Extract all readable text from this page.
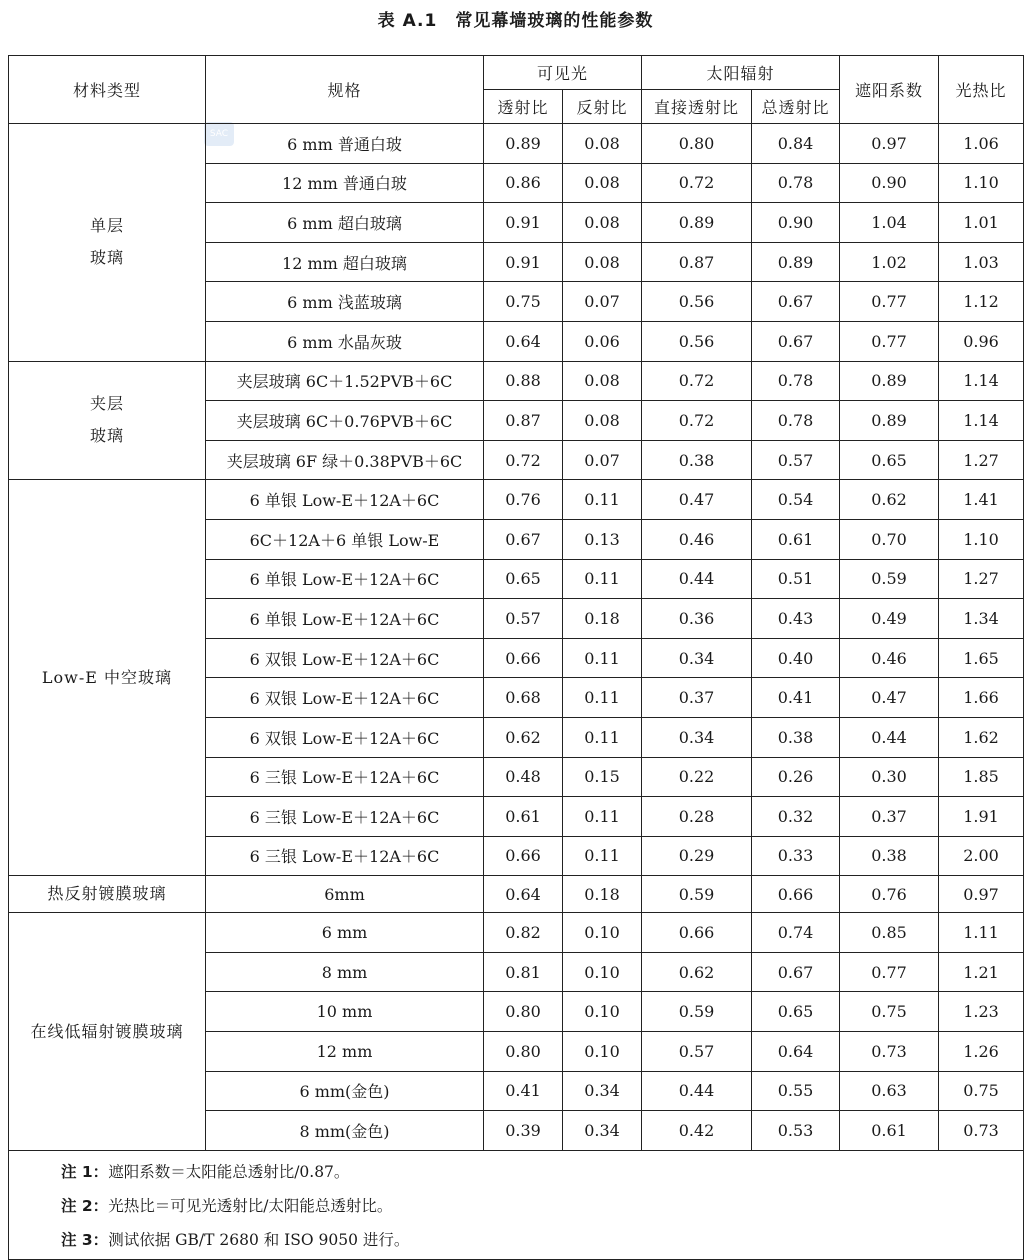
表 A.1　常见幕墙玻璃的性能参数
SAC
材料类型	规格	可见光		太阳辐射		遮阳系数	光热比
		透射比	反射比	直接透射比	总透射比		

单层
玻璃	6 mm 普通白玻	0.89	0.08	0.80	0.84	0.97	1.06
	12 mm 普通白玻	0.86	0.08	0.72	0.78	0.90	1.10
	6 mm 超白玻璃	0.91	0.08	0.89	0.90	1.04	1.01
	12 mm 超白玻璃	0.91	0.08	0.87	0.89	1.02	1.03
	6 mm 浅蓝玻璃	0.75	0.07	0.56	0.67	0.77	1.12
	6 mm 水晶灰玻	0.64	0.06	0.56	0.67	0.77	0.96

夹层
玻璃	夹层玻璃 6C＋1.52PVB＋6C	0.88	0.08	0.72	0.78	0.89	1.14
	夹层玻璃 6C＋0.76PVB＋6C	0.87	0.08	0.72	0.78	0.89	1.14
	夹层玻璃 6F 绿＋0.38PVB＋6C	0.72	0.07	0.38	0.57	0.65	1.27

Low-E 中空玻璃	6 单银 Low-E＋12A＋6C	0.76	0.11	0.47	0.54	0.62	1.41
	6C＋12A＋6 单银 Low-E	0.67	0.13	0.46	0.61	0.70	1.10
	6 单银 Low-E＋12A＋6C	0.65	0.11	0.44	0.51	0.59	1.27
	6 单银 Low-E＋12A＋6C	0.57	0.18	0.36	0.43	0.49	1.34
	6 双银 Low-E＋12A＋6C	0.66	0.11	0.34	0.40	0.46	1.65
	6 双银 Low-E＋12A＋6C	0.68	0.11	0.37	0.41	0.47	1.66
	6 双银 Low-E＋12A＋6C	0.62	0.11	0.34	0.38	0.44	1.62
	6 三银 Low-E＋12A＋6C	0.48	0.15	0.22	0.26	0.30	1.85
	6 三银 Low-E＋12A＋6C	0.61	0.11	0.28	0.32	0.37	1.91
	6 三银 Low-E＋12A＋6C	0.66	0.11	0.29	0.33	0.38	2.00

热反射镀膜玻璃	6mm	0.64	0.18	0.59	0.66	0.76	0.97

在线低辐射镀膜玻璃	6 mm	0.82	0.10	0.66	0.74	0.85	1.11
	8 mm	0.81	0.10	0.62	0.67	0.77	1.21
	10 mm	0.80	0.10	0.59	0.65	0.75	1.23
	12 mm	0.80	0.10	0.57	0.64	0.73	1.26
	6 mm(金色)	0.41	0.34	0.44	0.55	0.63	0.75
	8 mm(金色)	0.39	0.34	0.42	0.53	0.61	0.73

注 1：遮阳系数＝太阳能总透射比/0.87。
注 2：光热比＝可见光透射比/太阳能总透射比。
注 3：测试依据 GB/T 2680 和 ISO 9050 进行。							
